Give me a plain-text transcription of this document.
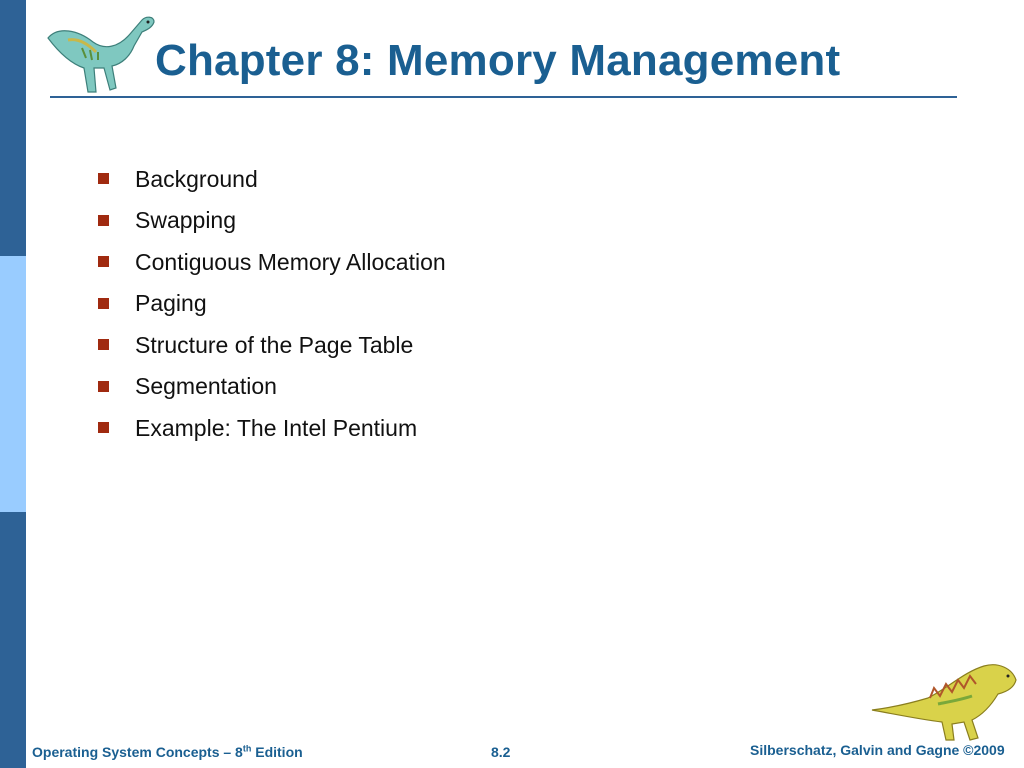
Chapter 8: Memory Management
Background
Swapping
Contiguous Memory Allocation
Paging
Structure of the Page Table
Segmentation
Example: The Intel Pentium
Operating System Concepts – 8th Edition	8.2	Silberschatz, Galvin and Gagne ©2009
